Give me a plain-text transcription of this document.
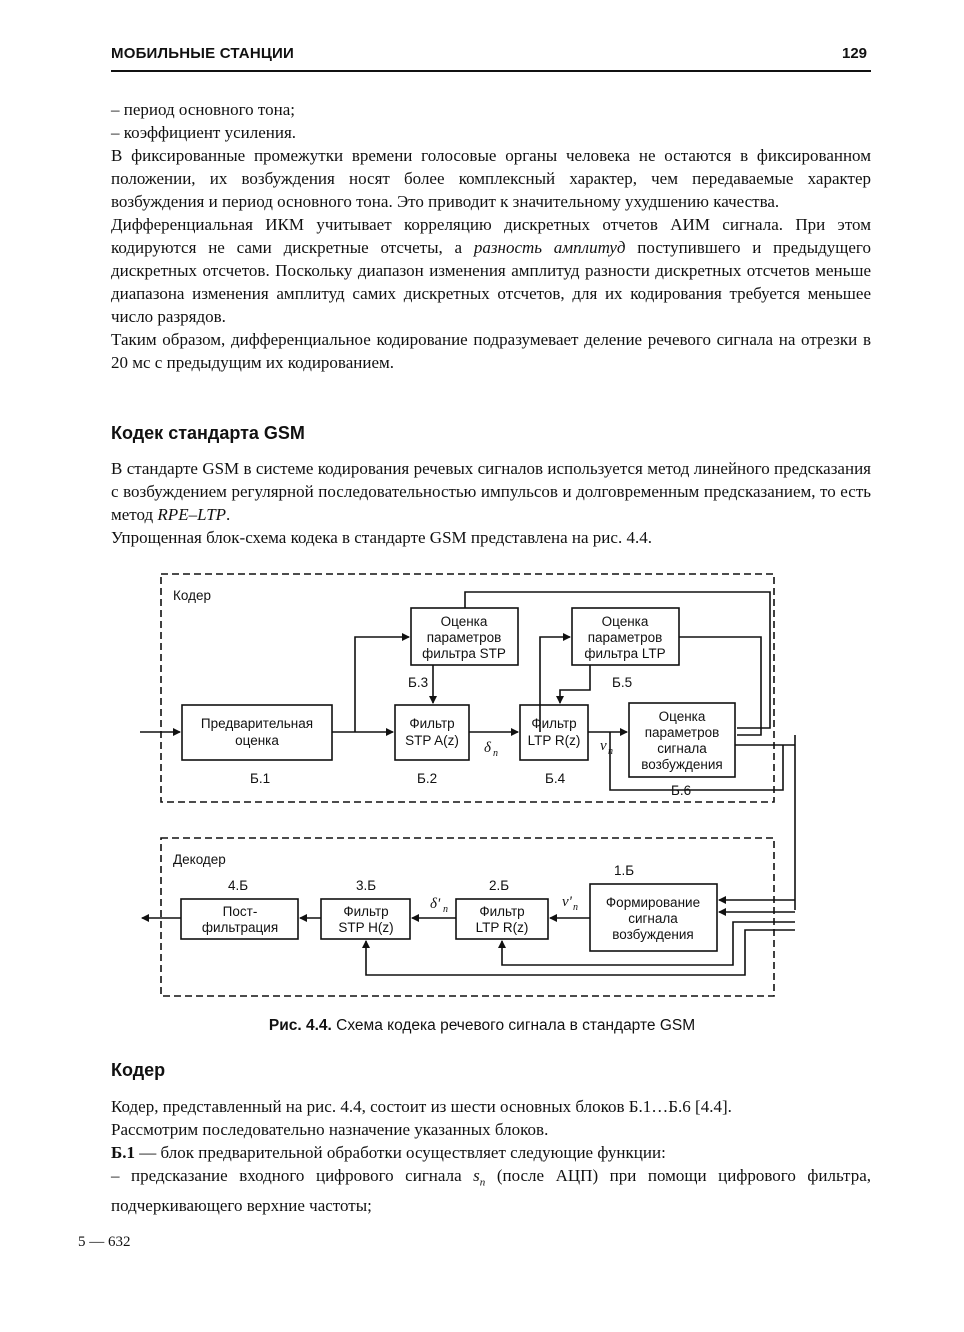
МОБИЛЬНЫЕ СТАНЦИИ	129

– период основного тона;

– коэффициент усиления.

В фиксированные промежутки времени голосовые органы человека не остаются в фиксированном положении, их возбуждения носят более комплексный характер, чем передаваемые характер возбуждения и период основного тона. Это приводит к значительному ухудшению качества.

Дифференциальная ИКМ учитывает корреляцию дискретных отчетов АИМ сигнала. При этом кодируются не сами дискретные отсчеты, а разность амплитуд поступившего и предыдущего дискретных отсчетов. Поскольку диапазон изменения амплитуд разности дискретных отсчетов меньше диапазона изменения амплитуд самих дискретных отсчетов, для их кодирования требуется меньшее число разрядов.

Таким образом, дифференциальное кодирование подразумевает деление речевого сигнала на отрезки в 20 мс с предыдущим их кодированием.

Кодек стандарта GSM

В стандарте GSM в системе кодирования речевых сигналов используется метод линейного предсказания с возбуждением регулярной последовательностью импульсов и долговременным предсказанием, то есть метод RPE–LTP.

Упрощенная блок-схема кодека в стандарте GSM представлена на рис. 4.4.

Кодер
Декодер
Предварительная
оценка
Б.1
Фильтр
STP A(z)
Б.2
Оценка
параметров
фильтра STP
Б.3
Фильтр
LTP R(z)
Б.4
Оценка
параметров
фильтра LTP
Б.5
Оценка
параметров
сигнала
возбуждения
Б.6
Формирование
сигнала
возбуждения
1.Б
Фильтр
LTP R(z)
2.Б
Фильтр
STP H(z)
3.Б
Пост-
фильтрация
4.Б
δ n	v n
δ' n	v' n
Рис. 4.4. Схема кодека речевого сигнала в стандарте GSM
Кодер

Кодер, представленный на рис. 4.4, состоит из шести основных блоков Б.1…Б.6 [4.4].

Рассмотрим последовательно назначение указанных блоков.

Б.1 — блок предварительной обработки осуществляет следующие функции:

– предсказание входного цифрового сигнала $s_n$ (после АЦП) при помощи цифрового фильтра, подчеркивающего верхние частоты;

5 — 632
